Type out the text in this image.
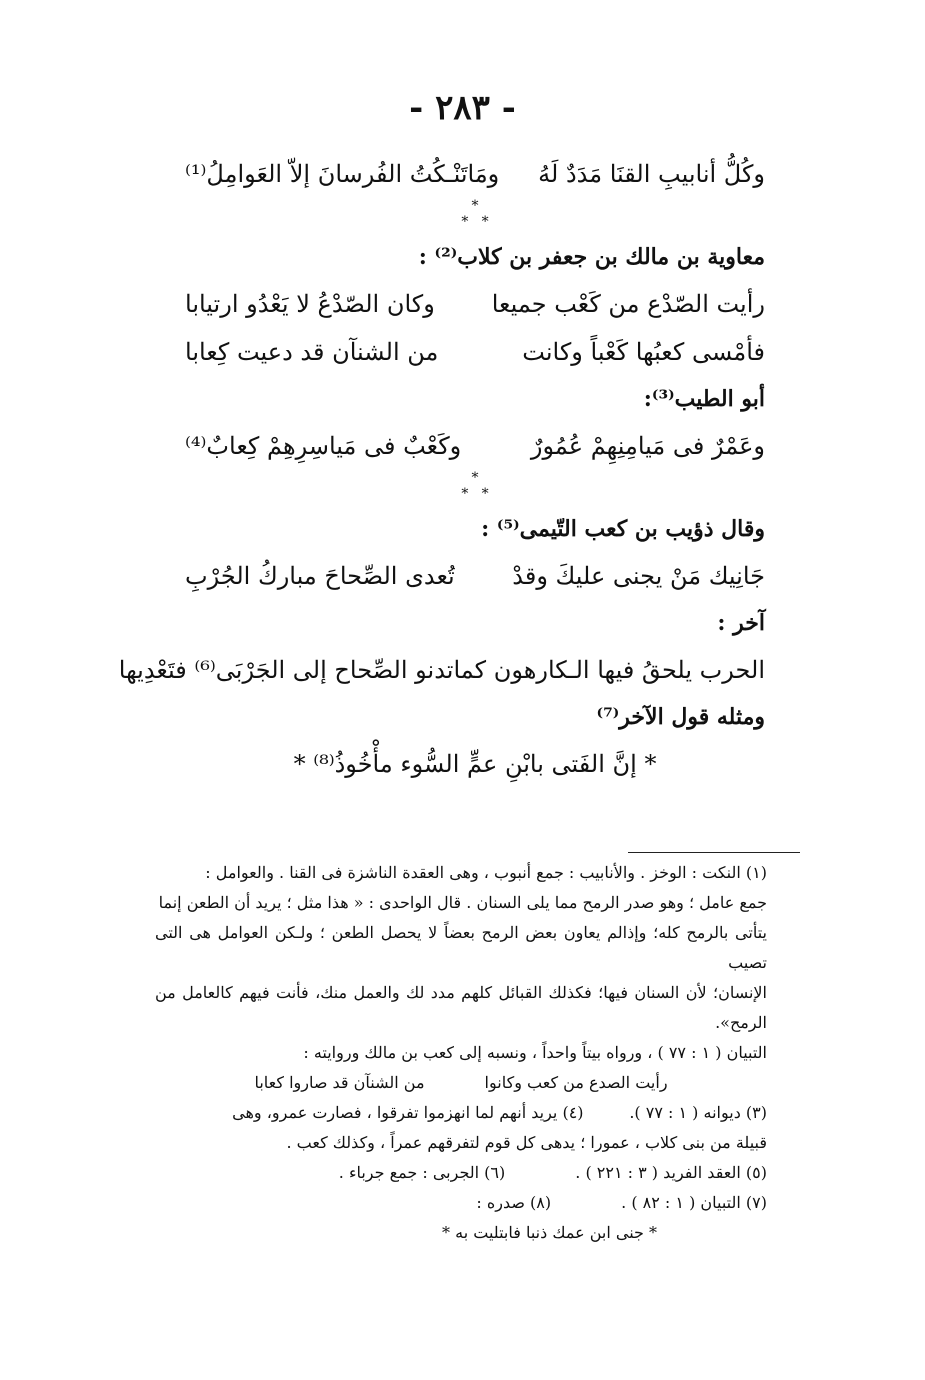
- ٢٨٣ -
وكُلُّ أنابيبِ القنَا مَدَدٌ لَهُ
ومَاتَنْـكُتُ الفُرسانَ إلاّ العَوامِلُ⁽¹⁾
*
* *
معاوية بن مالك بن جعفر بن كلاب⁽²⁾ :
رأيت الصّدْع من كَعْب جميعا
وكان الصّدْعُ لا يَعْدُو ارتيابا
فأمْسى كعبُها كَعْباً وكانت
من الشنآن قد دعيت كِعابا
أبو الطيب⁽³⁾:
وعَمْرٌ فى مَيامِنِهِمْ عُمُورٌ
وكَعْبٌ فى مَياسِرِهِمْ كِعابٌ⁽⁴⁾
*
* *
وقال ذؤيب بن كعب التّيمى⁽⁵⁾ :
جَانِيك مَنْ يجنى عليكَ وقدْ
تُعدى الصِّحاحَ مباركُ الجُرْبِ
آخر :
الحرب يلحقُ فيها الـكارهون كما
تدنو الصِّحاح إلى الجَرْبَى⁽⁶⁾ فتَعْدِيها
ومثله قول الآخر⁽⁷⁾
* إنَّ الفَتى بابْنِ عمٍّ السُّوء مأْخُوذُ⁽⁸⁾ *

(١) النكت : الوخز . والأنابيب : جمع أنبوب ، وهى العقدة الناشزة فى القنا . والعوامل :

جمع عامل ؛ وهو صدر الرمح مما يلى السنان . قال الواحدى : « هذا مثل ؛ يريد أن الطعن إنما

يتأتى بالرمح كله؛ وإذالم يعاون بعض الرمح بعضاً لا يحصل الطعن ؛ ولـكن العوامل هى التى تصيب

الإنسان؛ لأن السنان فيها؛ فكذلك القبائل كلهم مدد لك والعمل منك، فأنت فيهم كالعامل من الرمح».

التبيان ( ١ : ٧٧ ) ، ورواه بيتاً واحداً ، ونسبه إلى كعب بن مالك وروايته :

رأيت الصدع من كعب وكانوا
من الشنآن قد صاروا كعابا

(٣) ديوانه ( ١ : ٧٧ ).         (٤) يريد أنهم لما انهزموا تفرقوا ، فصارت عمرو، وهى

قبيلة من بنى كلاب ، عمورا ؛ يدهى كل قوم لتفرقهم عمراً ، وكذلك كعب .

(٥) العقد الفريد ( ٣ : ٢٢١ ) .
(٦) الجربى : جمع جرباء .
(٧) التبيان ( ١ : ٨٢ ) .
(٨) صدره :

* جنى ابن عمك ذنبا فابتليت به *
